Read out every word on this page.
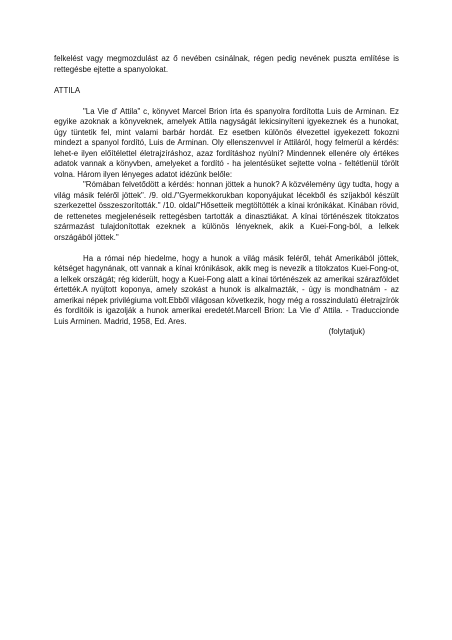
felkelést vagy megmozdulást az ő nevében csinálnak, régen pedig nevének puszta említése is rettegésbe ejtette a spanyolokat.

ATTILA

"La Vie d' Attila" c, könyvet Marcel Brion írta és spanyolra fordította Luis de Arminan. Ez egyike azoknak a könyveknek, amelyek Attila nagyságát lekicsinyíteni igyekeznek és a hunokat, úgy tüntetik fel, mint valami barbár hordát. Ez esetben különös élvezettel igyekezett fokozni mindezt a spanyol fordító, Luis de Arminan. Oly ellenszenvvel ír Attiláról, hogy felmerül a kérdés: lehet-e ilyen előítélettel életrajzíráshoz, azaz fordításhoz nyúlni? Mindennek ellenére oly értékes adatok vannak a könyvben, amelyeket a fordító - ha jelentésüket sejtette volna - feltétlenül törölt volna. Három ilyen lényeges adatot idézünk belőle:

"Rómában felvetődött a kérdés: honnan jöttek a hunok? A közvélemény úgy tudta, hogy a világ másik feléről jöttek". /9. old./"Gyermekkorukban koponyájukat lécekből és szíjakból készült szerkezettel összeszorították." /10. oldal/"Hősetteik megtöltötték a kínai krónikákat. Kínában rövid, de rettenetes megjelenéseik rettegésben tartották a dinasztiákat. A kínai történészek titokzatos származást tulajdonítottak ezeknek a különös lényeknek, akik a Kuei-Fong-ból, a lelkek országából jöttek."

Ha a római nép hiedelme, hogy a hunok a világ másik feléről, tehát Amerikából jöttek, kétséget hagynának, ott vannak a kínai krónikások, akik meg is nevezik a titokzatos Kuei-Fong-ot, a lelkek országát; rég kiderült, hogy a Kuei-Fong alatt a kínai történészek az amerikai szárazföldet értették.A nyújtott koponya, amely szokást a hunok is alkalmazták, - úgy is mondhatnám - az amerikai népek privilégiuma volt.Ebből világosan következik, hogy még a rosszindulatú életrajzírók és fordítóik is igazolják a hunok amerikai eredetét.Marcell Brion: La Vie d' Attila. - Traduccionde Luis Arminen. Madrid, 1958, Ed. Ares.

(folytatjuk)
